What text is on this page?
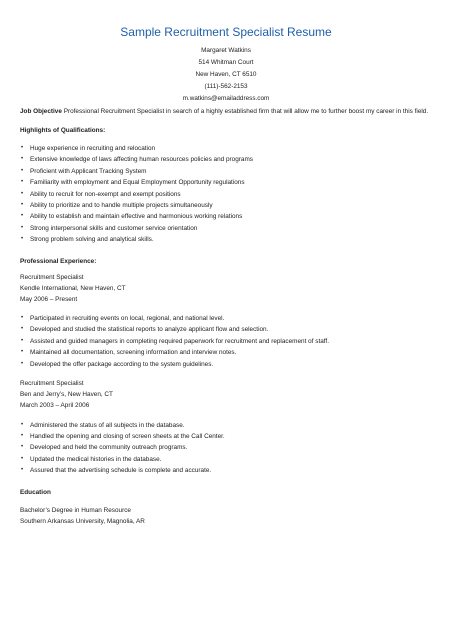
Sample Recruitment Specialist Resume
Margaret Watkins
514 Whitman Court
New Haven, CT 6510
(111)-562-2153
m.watkins@emailaddress.com

Job Objective Professional Recruitment Specialist in search of a highly established firm that will allow me to further boost my career in this field.

Highlights of Qualifications:
• Huge experience in recruiting and relocation
• Extensive knowledge of laws affecting human resources policies and programs
• Proficient with Applicant Tracking System
• Familiarity with employment and Equal Employment Opportunity regulations
• Ability to recruit for non-exempt and exempt positions
• Ability to prioritize and to handle multiple projects simultaneously
• Ability to establish and maintain effective and harmonious working relations
• Strong interpersonal skills and customer service orientation
• Strong problem solving and analytical skills.
Professional Experience:
Recruitment Specialist
Kendle International, New Haven, CT
May 2006 – Present
• Participated in recruiting events on local, regional, and national level.
• Developed and studied the statistical reports to analyze applicant flow and selection.
• Assisted and guided managers in completing required paperwork for recruitment and replacement of staff.
• Maintained all documentation, screening information and interview notes.
• Developed the offer package according to the system guidelines.
Recruitment Specialist
Ben and Jerry’s, New Haven, CT
March 2003 – April 2006
• Administered the status of all subjects in the database.
• Handled the opening and closing of screen sheets at the Call Center.
• Developed and held the community outreach programs.
• Updated the medical histories in the database.
• Assured that the advertising schedule is complete and accurate.
Education
Bachelor’s Degree in Human Resource
Southern Arkansas University, Magnolia, AR
